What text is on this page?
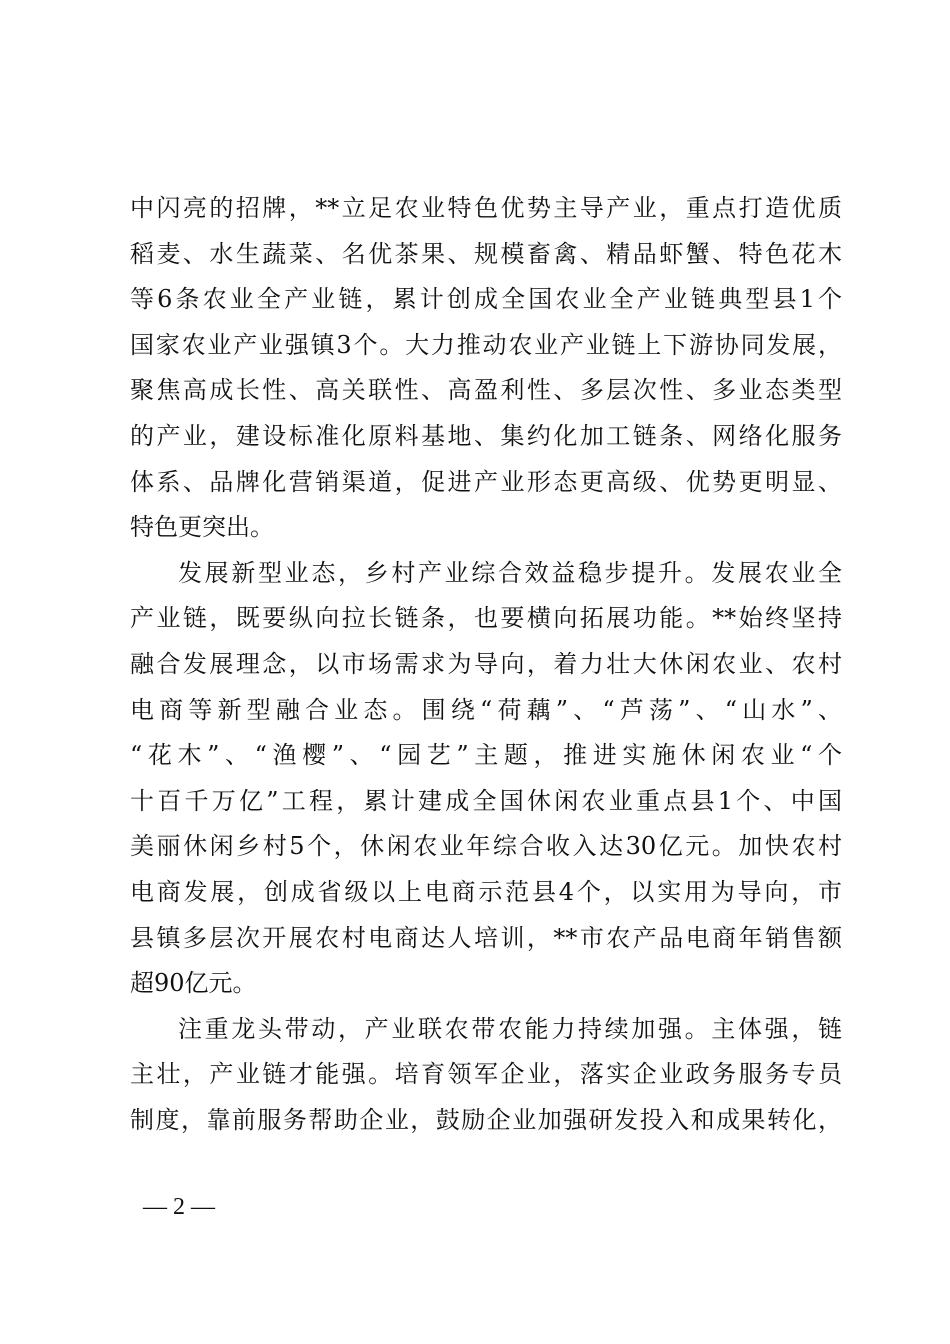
中闪亮的招牌，**立足农业特色优势主导产业，重点打造优质
稻麦、水生蔬菜、名优茶果、规模畜禽、精品虾蟹、特色花木
等6条农业全产业链，累计创成全国农业全产业链典型县1个
国家农业产业强镇3个。大力推动农业产业链上下游协同发展，
聚焦高成长性、高关联性、高盈利性、多层次性、多业态类型
的产业，建设标准化原料基地、集约化加工链条、网络化服务
体系、品牌化营销渠道，促进产业形态更高级、优势更明显、
特色更突出。
发展新型业态，乡村产业综合效益稳步提升。发展农业全
产业链，既要纵向拉长链条，也要横向拓展功能。**始终坚持
融合发展理念，以市场需求为导向，着力壮大休闲农业、农村
电商等新型融合业态。围绕“荷藕”、“芦荡”、“山水”、
“花木”、“渔樱”、“园艺”主题，推进实施休闲农业“个
十百千万亿”工程，累计建成全国休闲农业重点县1个、中国
美丽休闲乡村5个，休闲农业年综合收入达30亿元。加快农村
电商发展，创成省级以上电商示范县4个，以实用为导向，市
县镇多层次开展农村电商达人培训，**市农产品电商年销售额
超90亿元。
注重龙头带动，产业联农带农能力持续加强。主体强，链
主壮，产业链才能强。培育领军企业，落实企业政务服务专员
制度，靠前服务帮助企业，鼓励企业加强研发投入和成果转化，
— 2 —
